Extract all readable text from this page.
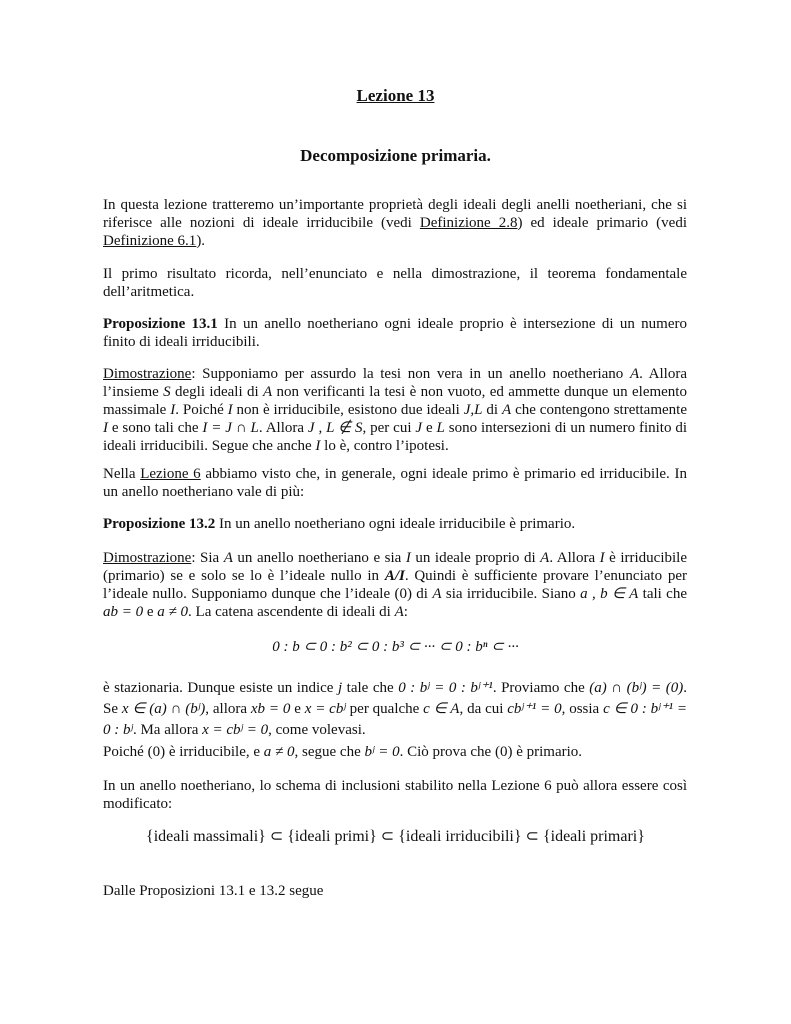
Lezione 13
Decomposizione primaria.

In questa lezione tratteremo un’importante proprietà degli ideali degli anelli noetheriani, che si riferisce alle nozioni di ideale irriducibile (vedi Definizione 2.8) ed ideale primario (vedi Definizione 6.1).

Il primo risultato ricorda, nell’enunciato e nella dimostrazione, il teorema fondamentale dell’aritmetica.

Proposizione 13.1 In un anello noetheriano ogni ideale proprio è intersezione di un numero finito di ideali irriducibili.

Dimostrazione: Supponiamo per assurdo la tesi non vera in un anello noetheriano A. Allora l’insieme S degli ideali di A non verificanti la tesi è non vuoto, ed ammette dunque un elemento massimale I. Poiché I non è irriducibile, esistono due ideali J,L di A che contengono strettamente I e sono tali che I = J ∩ L. Allora J , L ∉ S, per cui J e L sono intersezioni di un numero finito di ideali irriducibili. Segue che anche I lo è, contro l’ipotesi.

Nella Lezione 6 abbiamo visto che, in generale, ogni ideale primo è primario ed irriducibile. In un anello noetheriano vale di più:

Proposizione 13.2 In un anello noetheriano ogni ideale irriducibile è primario.

Dimostrazione: Sia A un anello noetheriano e sia I un ideale proprio di A. Allora I è irriducibile (primario) se e solo se lo è l’ideale nullo in A/I. Quindi è sufficiente provare l’enunciato per l’ideale nullo. Supponiamo dunque che l’ideale (0) di A sia irriducibile. Siano a , b ∈ A tali che ab = 0 e a ≠ 0. La catena ascendente di ideali di A:

0 : b ⊂ 0 : b² ⊂ 0 : b³ ⊂ ··· ⊂ 0 : bⁿ ⊂ ···

è stazionaria. Dunque esiste un indice j tale che 0 : bʲ = 0 : bʲ⁺¹. Proviamo che (a) ∩ (bʲ) = (0). Se x ∈ (a) ∩ (bʲ), allora xb = 0 e x = cbʲ per qualche c ∈ A, da cui cbʲ⁺¹ = 0, ossia c ∈ 0 : bʲ⁺¹ = 0 : bʲ. Ma allora x = cbʲ = 0, come volevasi.

Poiché (0) è irriducibile, e a ≠ 0, segue che bʲ = 0. Ciò prova che (0) è primario.

In un anello noetheriano, lo schema di inclusioni stabilito nella Lezione 6 può allora essere così modificato:

{ideali massimali} ⊂ {ideali primi} ⊂ {ideali irriducibili} ⊂ {ideali primari}

Dalle Proposizioni 13.1 e 13.2 segue
